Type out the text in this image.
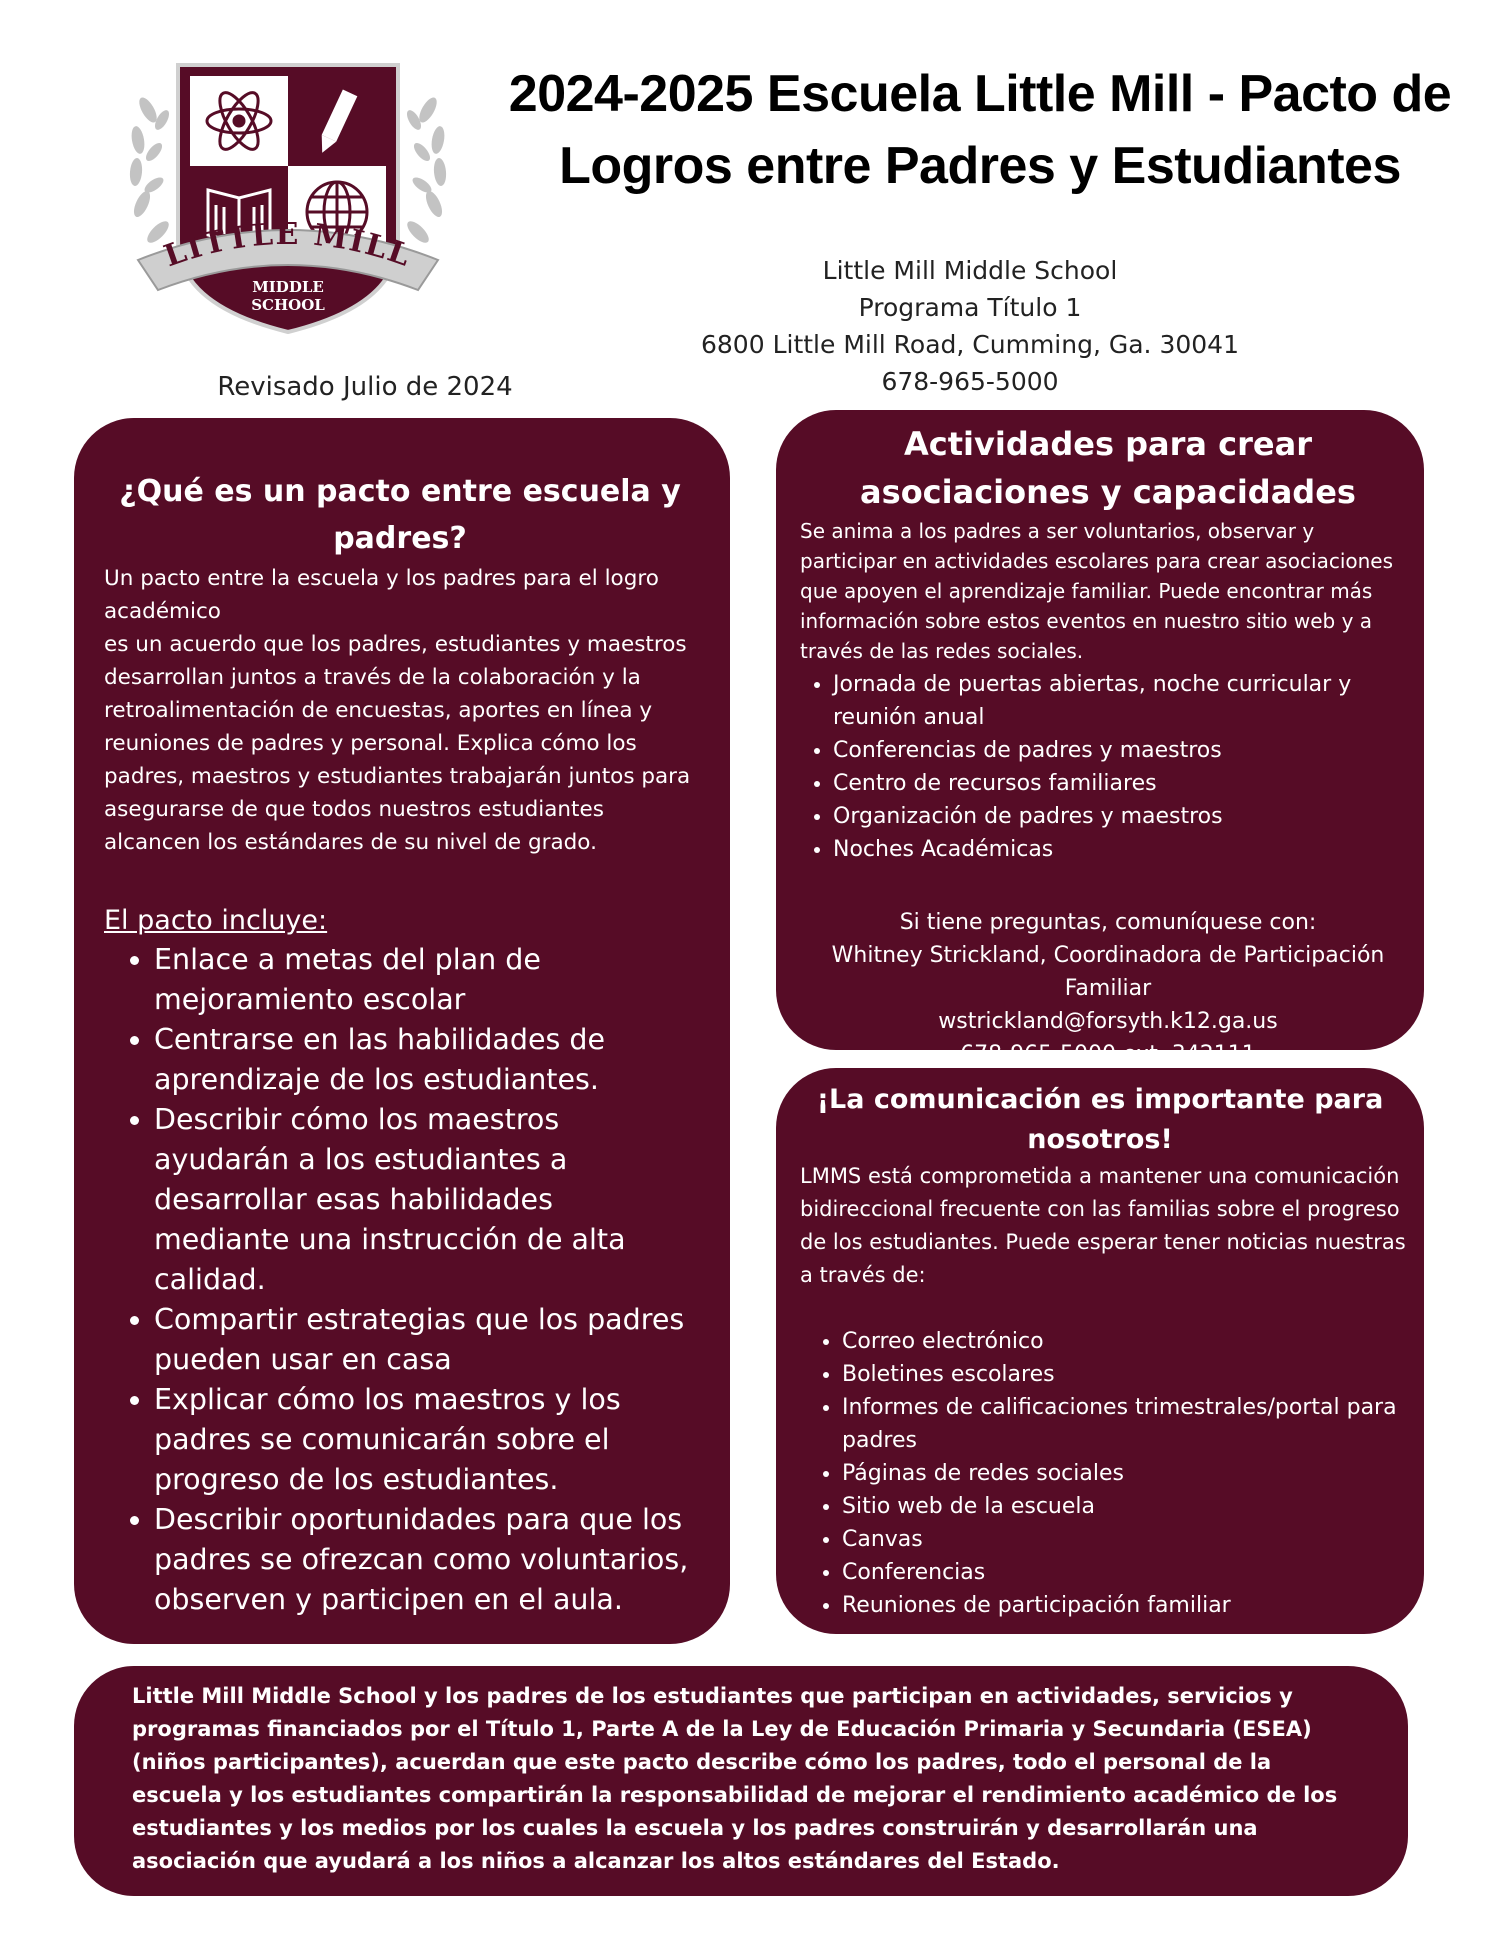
LITTLE MILL
MIDDLE
SCHOOL
2024-2025 Escuela Little Mill - Pacto de Logros entre Padres y Estudiantes
Little Mill Middle School
Programa Título 1
6800 Little Mill Road, Cumming, Ga. 30041
678-965-5000
Revisado Julio de 2024
¿Qué es un pacto entre escuela y padres?

Un pacto entre la escuela y los padres para el logro académico

es un acuerdo que los padres, estudiantes y maestros desarrollan juntos a través de la colaboración y la retroalimentación de encuestas, aportes en línea y reuniones de padres y personal. Explica cómo los padres, maestros y estudiantes trabajarán juntos para asegurarse de que todos nuestros estudiantes alcancen los estándares de su nivel de grado.

El pacto incluye:
• Enlace a metas del plan de mejoramiento escolar
• Centrarse en las habilidades de aprendizaje de los estudiantes.
• Describir cómo los maestros ayudarán a los estudiantes a desarrollar esas habilidades mediante una instrucción de alta calidad.
• Compartir estrategias que los padres pueden usar en casa
• Explicar cómo los maestros y los padres se comunicarán sobre el progreso de los estudiantes.
• Describir oportunidades para que los padres se ofrezcan como voluntarios, observen y participen en el aula.
Actividades para crear asociaciones y capacidades

Se anima a los padres a ser voluntarios, observar y participar en actividades escolares para crear asociaciones que apoyen el aprendizaje familiar. Puede encontrar más información sobre estos eventos en nuestro sitio web y a través de las redes sociales.

• Jornada de puertas abiertas, noche curricular y reunión anual
• Conferencias de padres y maestros
• Centro de recursos familiares
• Organización de padres y maestros
• Noches Académicas
Si tiene preguntas, comuníquese con:
Whitney Strickland, Coordinadora de Participación Familiar
wstrickland@forsyth.k12.ga.us
678-965-5000 ext. 342111
¡La comunicación es importante para nosotros!

LMMS está comprometida a mantener una comunicación bidireccional frecuente con las familias sobre el progreso de los estudiantes. Puede esperar tener noticias nuestras a través de:

• Correo electrónico
• Boletines escolares
• Informes de calificaciones trimestrales/portal para padres
• Páginas de redes sociales
• Sitio web de la escuela
• Canvas
• Conferencias
• Reuniones de participación familiar

Little Mill Middle School y los padres de los estudiantes que participan en actividades, servicios y programas financiados por el Título 1, Parte A de la Ley de Educación Primaria y Secundaria (ESEA) (niños participantes), acuerdan que este pacto describe cómo los padres, todo el personal de la escuela y los estudiantes compartirán la responsabilidad de mejorar el rendimiento académico de los estudiantes y los medios por los cuales la escuela y los padres construirán y desarrollarán una asociación que ayudará a los niños a alcanzar los altos estándares del Estado.
